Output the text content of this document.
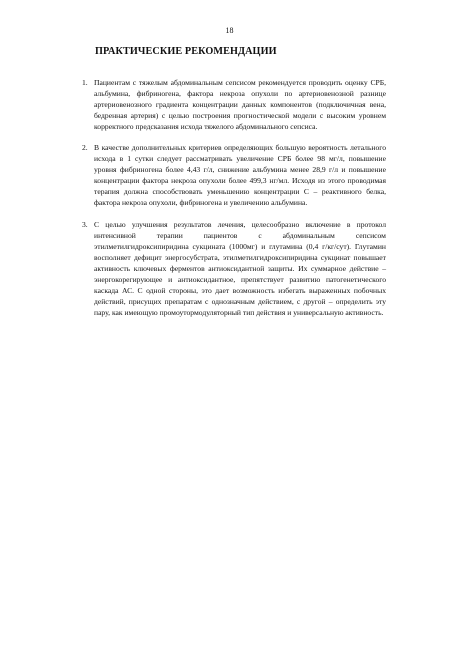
18
ПРАКТИЧЕСКИЕ РЕКОМЕНДАЦИИ
1. Пациентам с тяжелым абдоминальным сепсисом рекомендуется проводить оценку СРБ, альбумина, фибриногена, фактора некроза опухоли по артериовенозной разнице артериовенозного градиента концентрации данных компонентов (подключичная вена, бедренная артерия) с целью построения прогностической модели с высоким уровнем корректного предсказания исхода тяжелого абдоминального сепсиса.
2. В качестве дополнительных критериев определяющих большую вероятность летального исхода в 1 сутки следует рассматривать увеличение СРБ более 98 мг/л, повышение уровня фибриногена более 4,43 г/л, снижение альбумина менее 28,9 г/л и повышение концентрации фактора некроза опухоли более 499,3 нг/мл. Исходя из этого проводимая терапия должна способствовать уменьшению концентрации С – реактивного белка, фактора некроза опухоли, фибриногена и увеличению альбумина.
3. С целью улучшения результатов лечения, целесообразно включение в протокол интенсивной терапии пациентов с абдоминальным сепсисом этилметилгидроксипиридина сукцината (1000мг) и глутамина (0,4 г/кг/сут). Глутамин восполняет дефицит энергосубстрата, этилметилгидроксипиридина сукцинат повышает активность ключевых ферментов антиоксидантной защиты. Их суммарное действие – энергокорегирующее и антиоксидантное, препятствует развитию патогенетического каскада АС. С одной стороны, это дает возможность избегать выраженных побочных действий, присущих препаратам с однозначным действием, с другой – определить эту пару, как имеющую промоутормодуляторный тип действия и универсальную активность.
